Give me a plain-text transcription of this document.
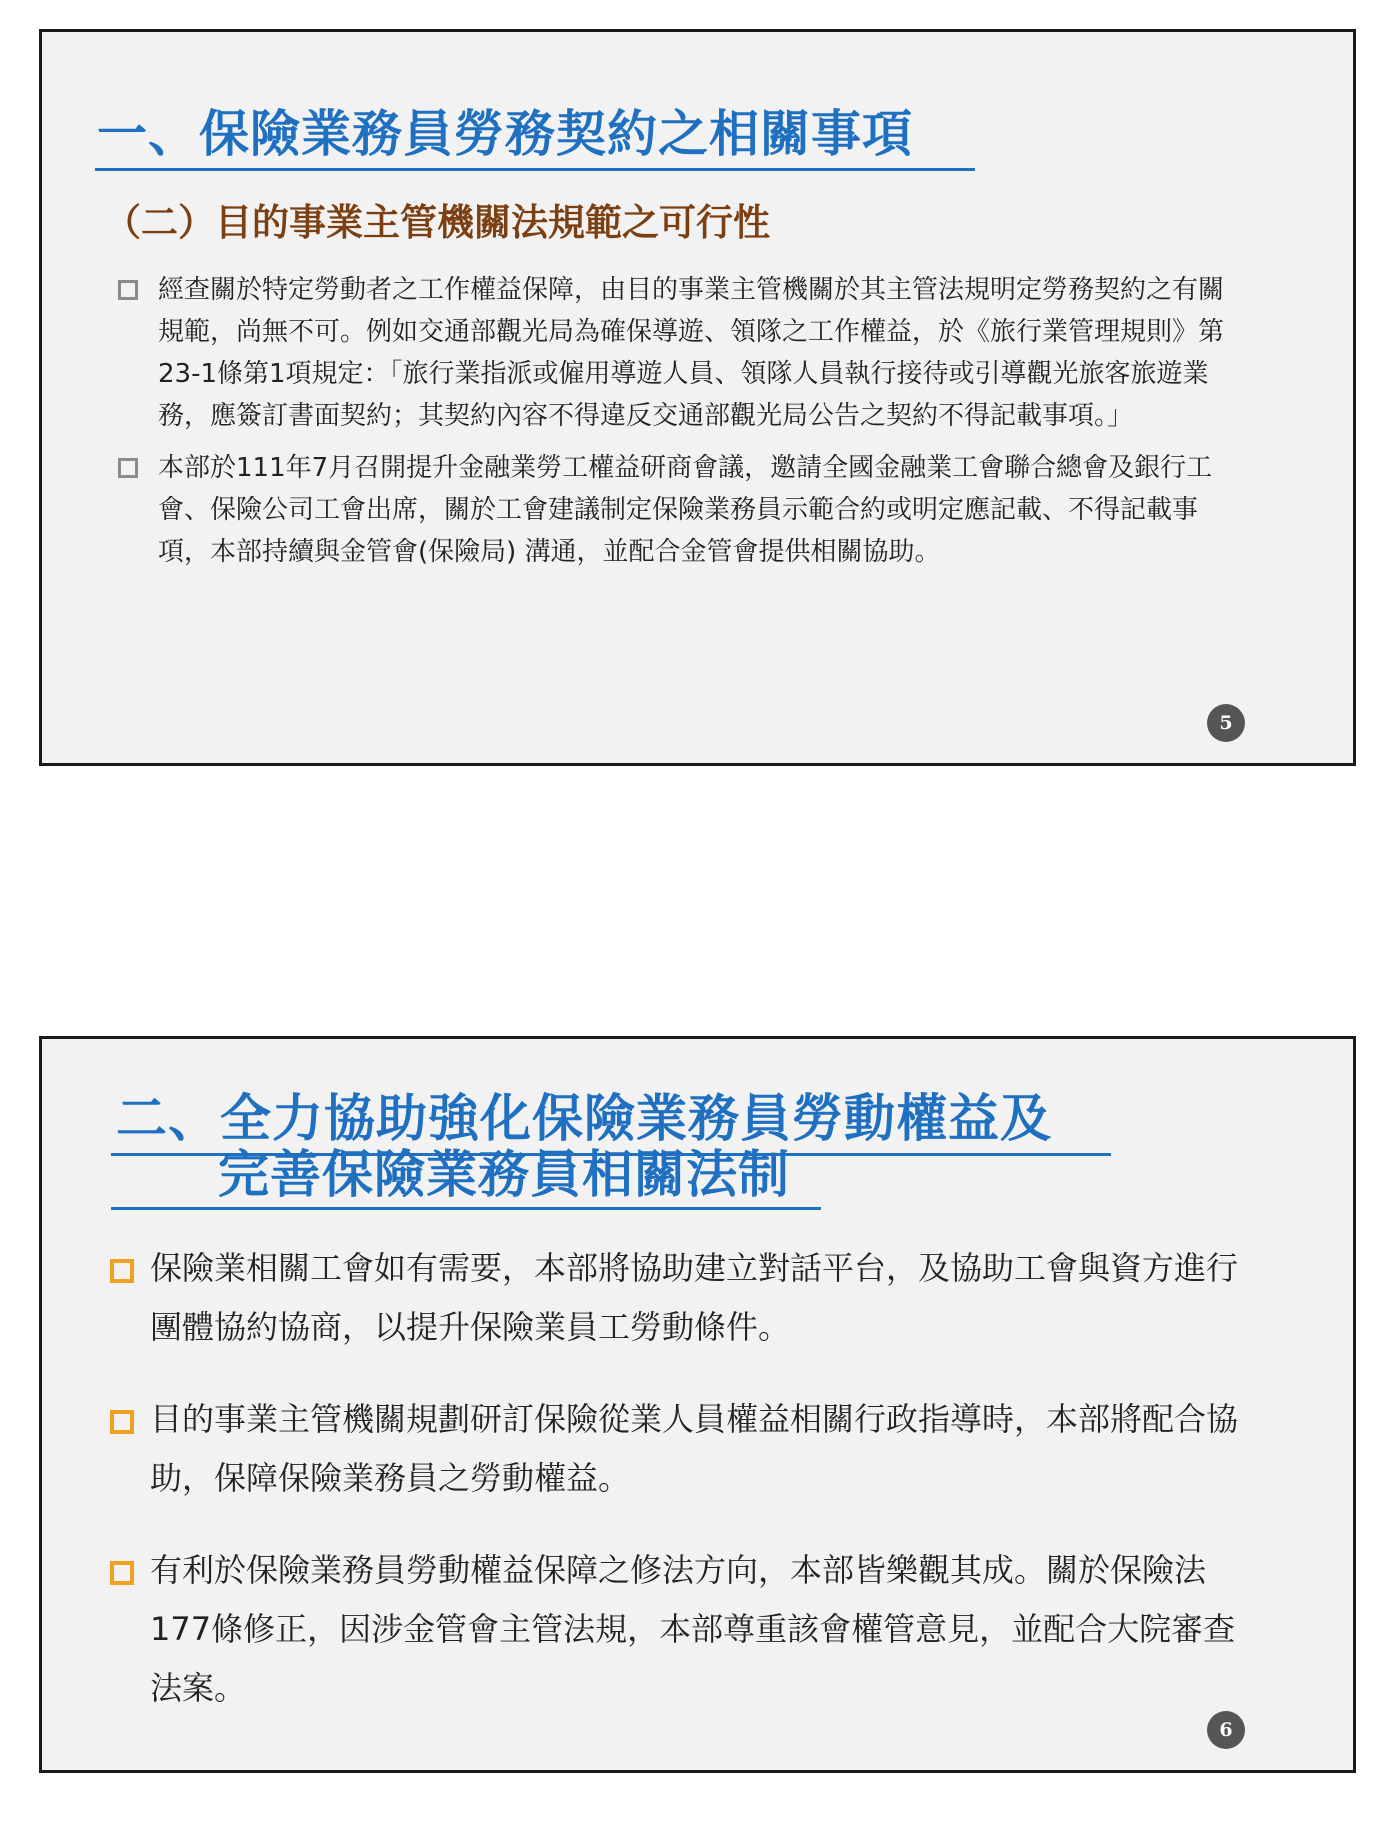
一、保險業務員勞務契約之相關事項
（二）目的事業主管機關法規範之可行性
經查關於特定勞動者之工作權益保障，由目的事業主管機關於其主管法規明定勞務契約之有關規範，尚無不可。例如交通部觀光局為確保導遊、領隊之工作權益，於《旅行業管理規則》第23-1條第1項規定：「旅行業指派或僱用導遊人員、領隊人員執行接待或引導觀光旅客旅遊業務，應簽訂書面契約；其契約內容不得違反交通部觀光局公告之契約不得記載事項。」
本部於111年7月召開提升金融業勞工權益研商會議，邀請全國金融業工會聯合總會及銀行工會、保險公司工會出席，關於工會建議制定保險業務員示範合約或明定應記載、不得記載事項，本部持續與金管會(保險局) 溝通，並配合金管會提供相關協助。
5
二、全力協助強化保險業務員勞動權益及
完善保險業務員相關法制
保險業相關工會如有需要，本部將協助建立對話平台，及協助工會與資方進行團體協約協商，以提升保險業員工勞動條件。
目的事業主管機關規劃研訂保險從業人員權益相關行政指導時，本部將配合協助，保障保險業務員之勞動權益。
有利於保險業務員勞動權益保障之修法方向，本部皆樂觀其成。關於保險法177條修正，因涉金管會主管法規，本部尊重該會權管意見，並配合大院審查法案。
6
